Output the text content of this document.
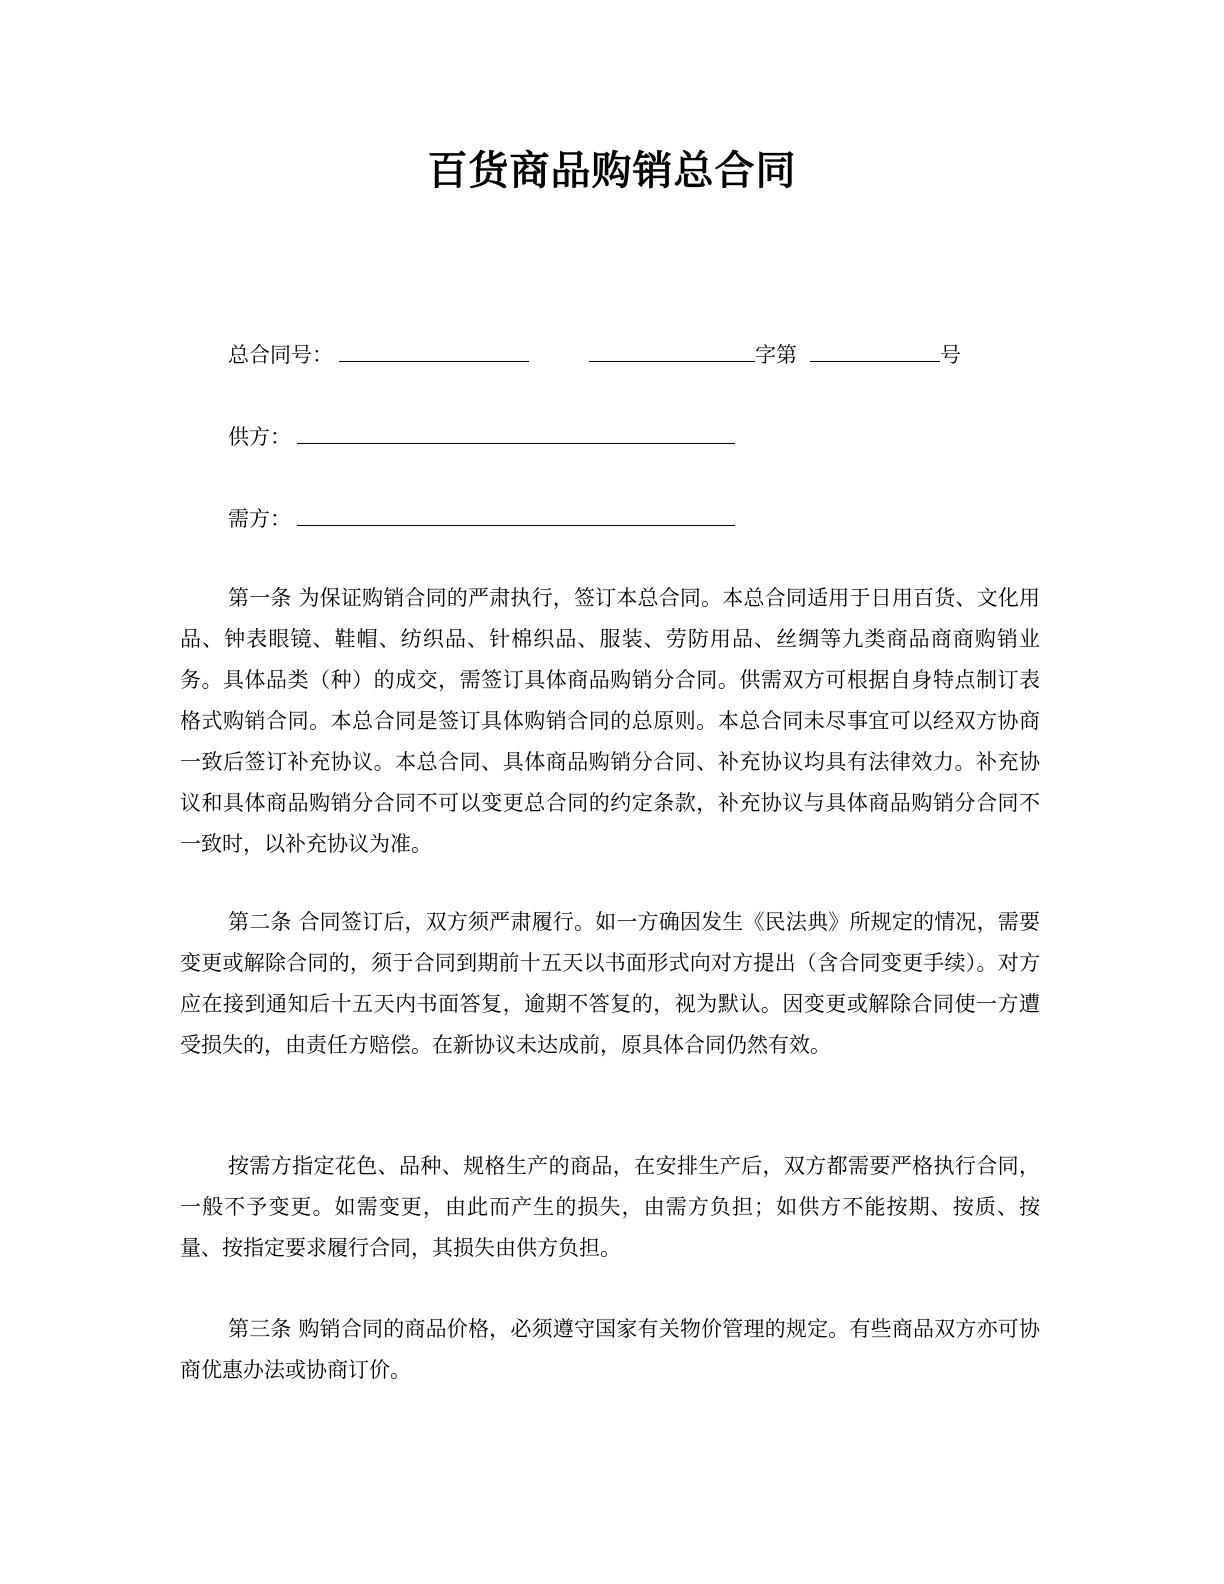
百货商品购销总合同
总合同号：	字第	号
供方：
需方：

第一条 为保证购销合同的严肃执行，签订本总合同。本总合同适用于日用百货、文化用品、钟表眼镜、鞋帽、纺织品、针棉织品、服装、劳防用品、丝绸等九类商品商商购销业务。具体品类（种）的成交，需签订具体商品购销分合同。供需双方可根据自身特点制订表格式购销合同。本总合同是签订具体购销合同的总原则。本总合同未尽事宜可以经双方协商一致后签订补充协议。本总合同、具体商品购销分合同、补充协议均具有法律效力。补充协议和具体商品购销分合同不可以变更总合同的约定条款，补充协议与具体商品购销分合同不一致时，以补充协议为准。

第二条 合同签订后，双方须严肃履行。如一方确因发生《民法典》所规定的情况，需要变更或解除合同的，须于合同到期前十五天以书面形式向对方提出（含合同变更手续）。对方应在接到通知后十五天内书面答复，逾期不答复的，视为默认。因变更或解除合同使一方遭受损失的，由责任方赔偿。在新协议未达成前，原具体合同仍然有效。

按需方指定花色、品种、规格生产的商品，在安排生产后，双方都需要严格执行合同，一般不予变更。如需变更，由此而产生的损失，由需方负担；如供方不能按期、按质、按量、按指定要求履行合同，其损失由供方负担。

第三条 购销合同的商品价格，必须遵守国家有关物价管理的规定。有些商品双方亦可协商优惠办法或协商订价。
